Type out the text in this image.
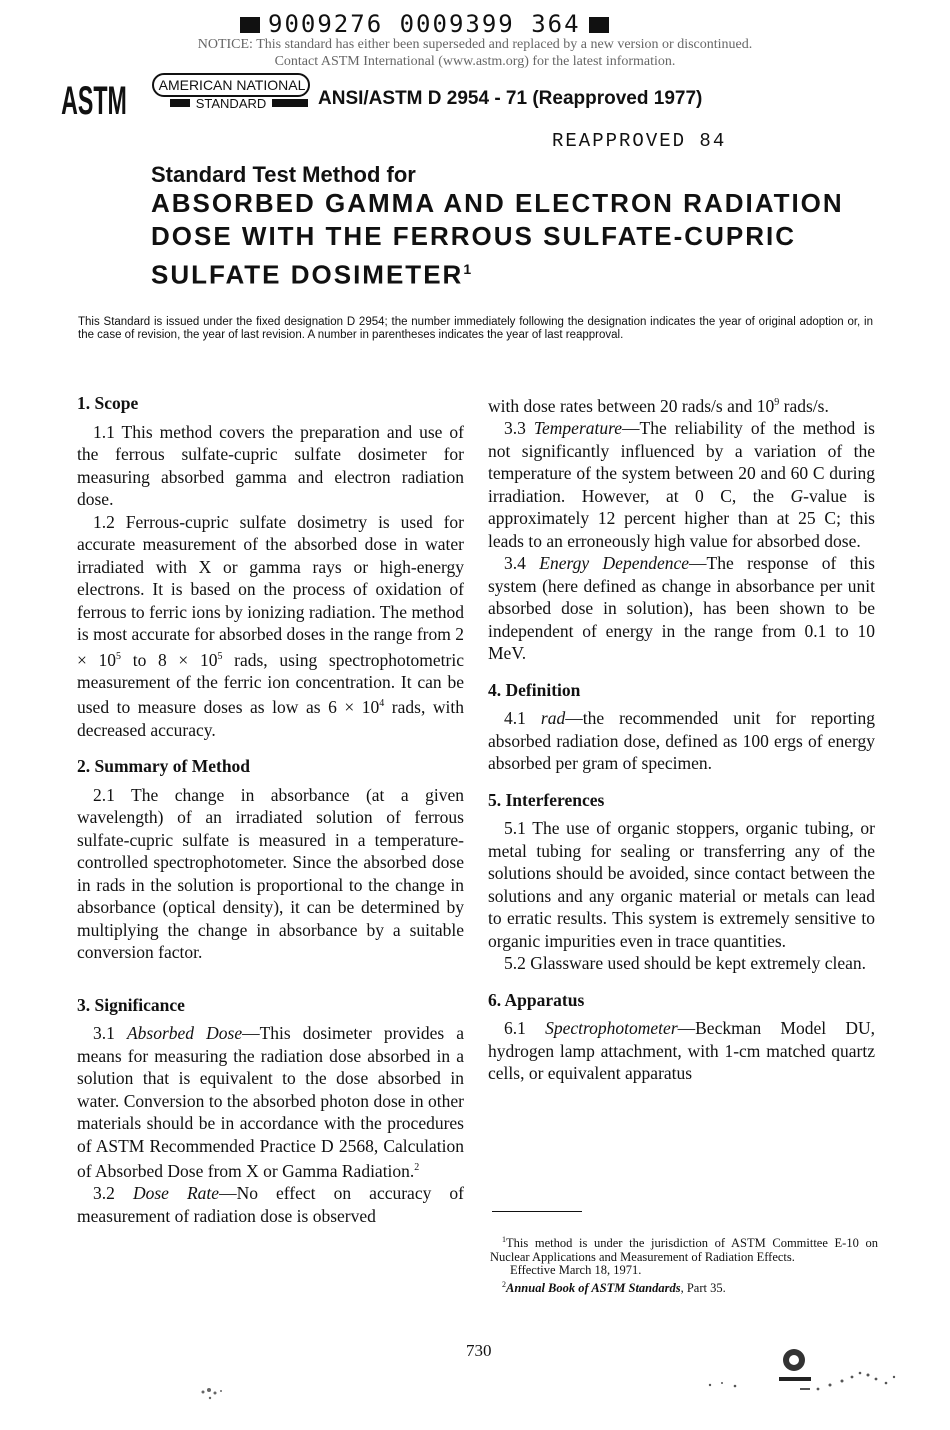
9009276 0009399 364
NOTICE: This standard has either been superseded and replaced by a new version or discontinued.
Contact ASTM International (www.astm.org) for the latest information.
ASTM AMERICAN NATIONAL
STANDARD	ANSI/ASTM D 2954 - 71 (Reapproved 1977)
REAPPROVED 84
Standard Test Method for
ABSORBED GAMMA AND ELECTRON RADIATION DOSE WITH THE FERROUS SULFATE-CUPRIC SULFATE DOSIMETER$^1$
This Standard is issued under the fixed designation D 2954; the number immediately following the designation indicates the year of original adoption or, in the case of revision, the year of last revision. A number in parentheses indicates the year of last reapproval.
1. Scope

1.1 This method covers the preparation and use of the ferrous sulfate-cupric sulfate dosimeter for measuring absorbed gamma and electron radiation dose.

1.2 Ferrous-cupric sulfate dosimetry is used for accurate measurement of the absorbed dose in water irradiated with X or gamma rays or high-energy electrons. It is based on the process of oxidation of ferrous to ferric ions by ionizing radiation. The method is most accurate for absorbed doses in the range from $2 \times 10^5$ to $8 \times 10^5$ rads, using spectrophotometric measurement of the ferric ion concentration. It can be used to measure doses as low as $6 \times 10^4$ rads, with decreased accuracy.

2. Summary of Method

2.1 The change in absorbance (at a given wavelength) of an irradiated solution of ferrous sulfate-cupric sulfate is measured in a temperature-controlled spectrophotometer. Since the absorbed dose in rads in the solution is proportional to the change in absorbance (optical density), it can be determined by multiplying the change in absorbance by a suitable conversion factor.

3. Significance

3.1 Absorbed Dose—This dosimeter provides a means for measuring the radiation dose absorbed in a solution that is equivalent to the dose absorbed in water. Conversion to the absorbed photon dose in other materials should be in accordance with the procedures of ASTM Recommended Practice D 2568, Calculation of Absorbed Dose from X or Gamma Radiation.$^2$

3.2 Dose Rate—No effect on accuracy of measurement of radiation dose is observed

with dose rates between 20 rads/s and $10^9$ rads/s.

3.3 Temperature—The reliability of the method is not significantly influenced by a variation of the temperature of the system between 20 and 60 C during irradiation. However, at 0 C, the G-value is approximately 12 percent higher than at 25 C; this leads to an erroneously high value for absorbed dose.

3.4 Energy Dependence—The response of this system (here defined as change in absorbance per unit absorbed dose in solution), has been shown to be independent of energy in the range from 0.1 to 10 MeV.

4. Definition

4.1 rad—the recommended unit for reporting absorbed radiation dose, defined as 100 ergs of energy absorbed per gram of specimen.

5. Interferences

5.1 The use of organic stoppers, organic tubing, or metal tubing for sealing or transferring any of the solutions should be avoided, since contact between the solutions and any organic material or metals can lead to erratic results. This system is extremely sensitive to organic impurities even in trace quantities.

5.2 Glassware used should be kept extremely clean.

6. Apparatus

6.1 Spectrophotometer—Beckman Model DU, hydrogen lamp attachment, with 1-cm matched quartz cells, or equivalent apparatus

$^1$This method is under the jurisdiction of ASTM Committee E-10 on Nuclear Applications and Measurement of Radiation Effects.

Effective March 18, 1971.

$^2$Annual Book of ASTM Standards, Part 35.

730
